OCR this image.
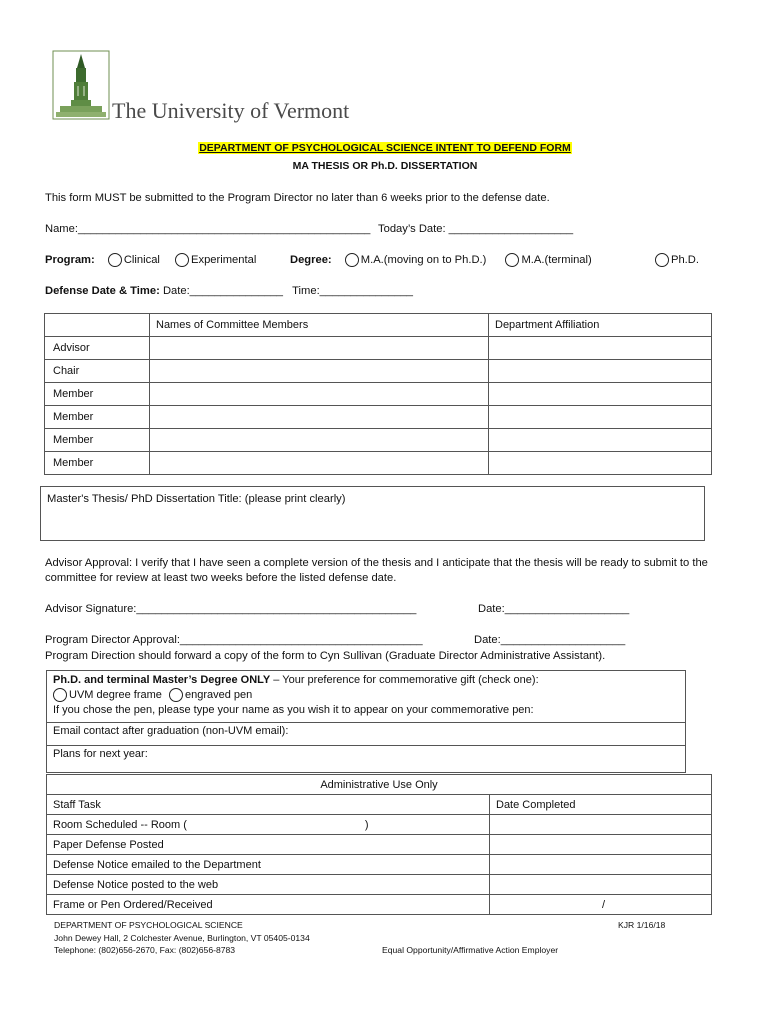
The University of Vermont
DEPARTMENT OF PSYCHOLOGICAL SCIENCE INTENT TO DEFEND FORM
MA THESIS OR Ph.D. DISSERTATION
This form MUST be submitted to the Program Director no later than 6 weeks prior to the defense date.
Name:_______________________________________________ Today’s Date: ____________________
Program:	Clinical	Experimental	Degree:	M.A.(moving on to Ph.D.)	M.A.(terminal)	Ph.D.
Defense Date & Time: Date:_______________ Time:_______________
	Names of Committee Members	Department Affiliation
Advisor		
Chair		
Member		
Member		
Member		
Member		
Master's Thesis/ PhD Dissertation Title: (please print clearly)
Advisor Approval: I verify that I have seen a complete version of the thesis and I anticipate that the thesis will be ready to submit to the committee for review at least two weeks before the listed defense date.
Advisor Signature:_____________________________________________	Date:____________________
Program Director Approval:_______________________________________	Date:____________________
Program Direction should forward a copy of the form to Cyn Sullivan (Graduate Director Administrative Assistant).
Ph.D. and terminal Master’s Degree ONLY – Your preference for commemorative gift (check one):
UVM degree frame engraved pen
If you chose the pen, please type your name as you wish it to appear on your commemorative pen:
Email contact after graduation (non-UVM email):
Plans for next year:
Administrative Use Only	
Staff Task	Date Completed
Room Scheduled -- Room ( )	
Paper Defense Posted	
Defense Notice emailed to the Department	
Defense Notice posted to the web	
Frame or Pen Ordered/Received	/
DEPARTMENT OF PSYCHOLOGICAL SCIENCE
John Dewey Hall, 2 Colchester Avenue, Burlington, VT 05405-0134
Telephone: (802)656-2670, Fax: (802)656-8783	Equal Opportunity/Affirmative Action Employer
KJR 1/16/18
